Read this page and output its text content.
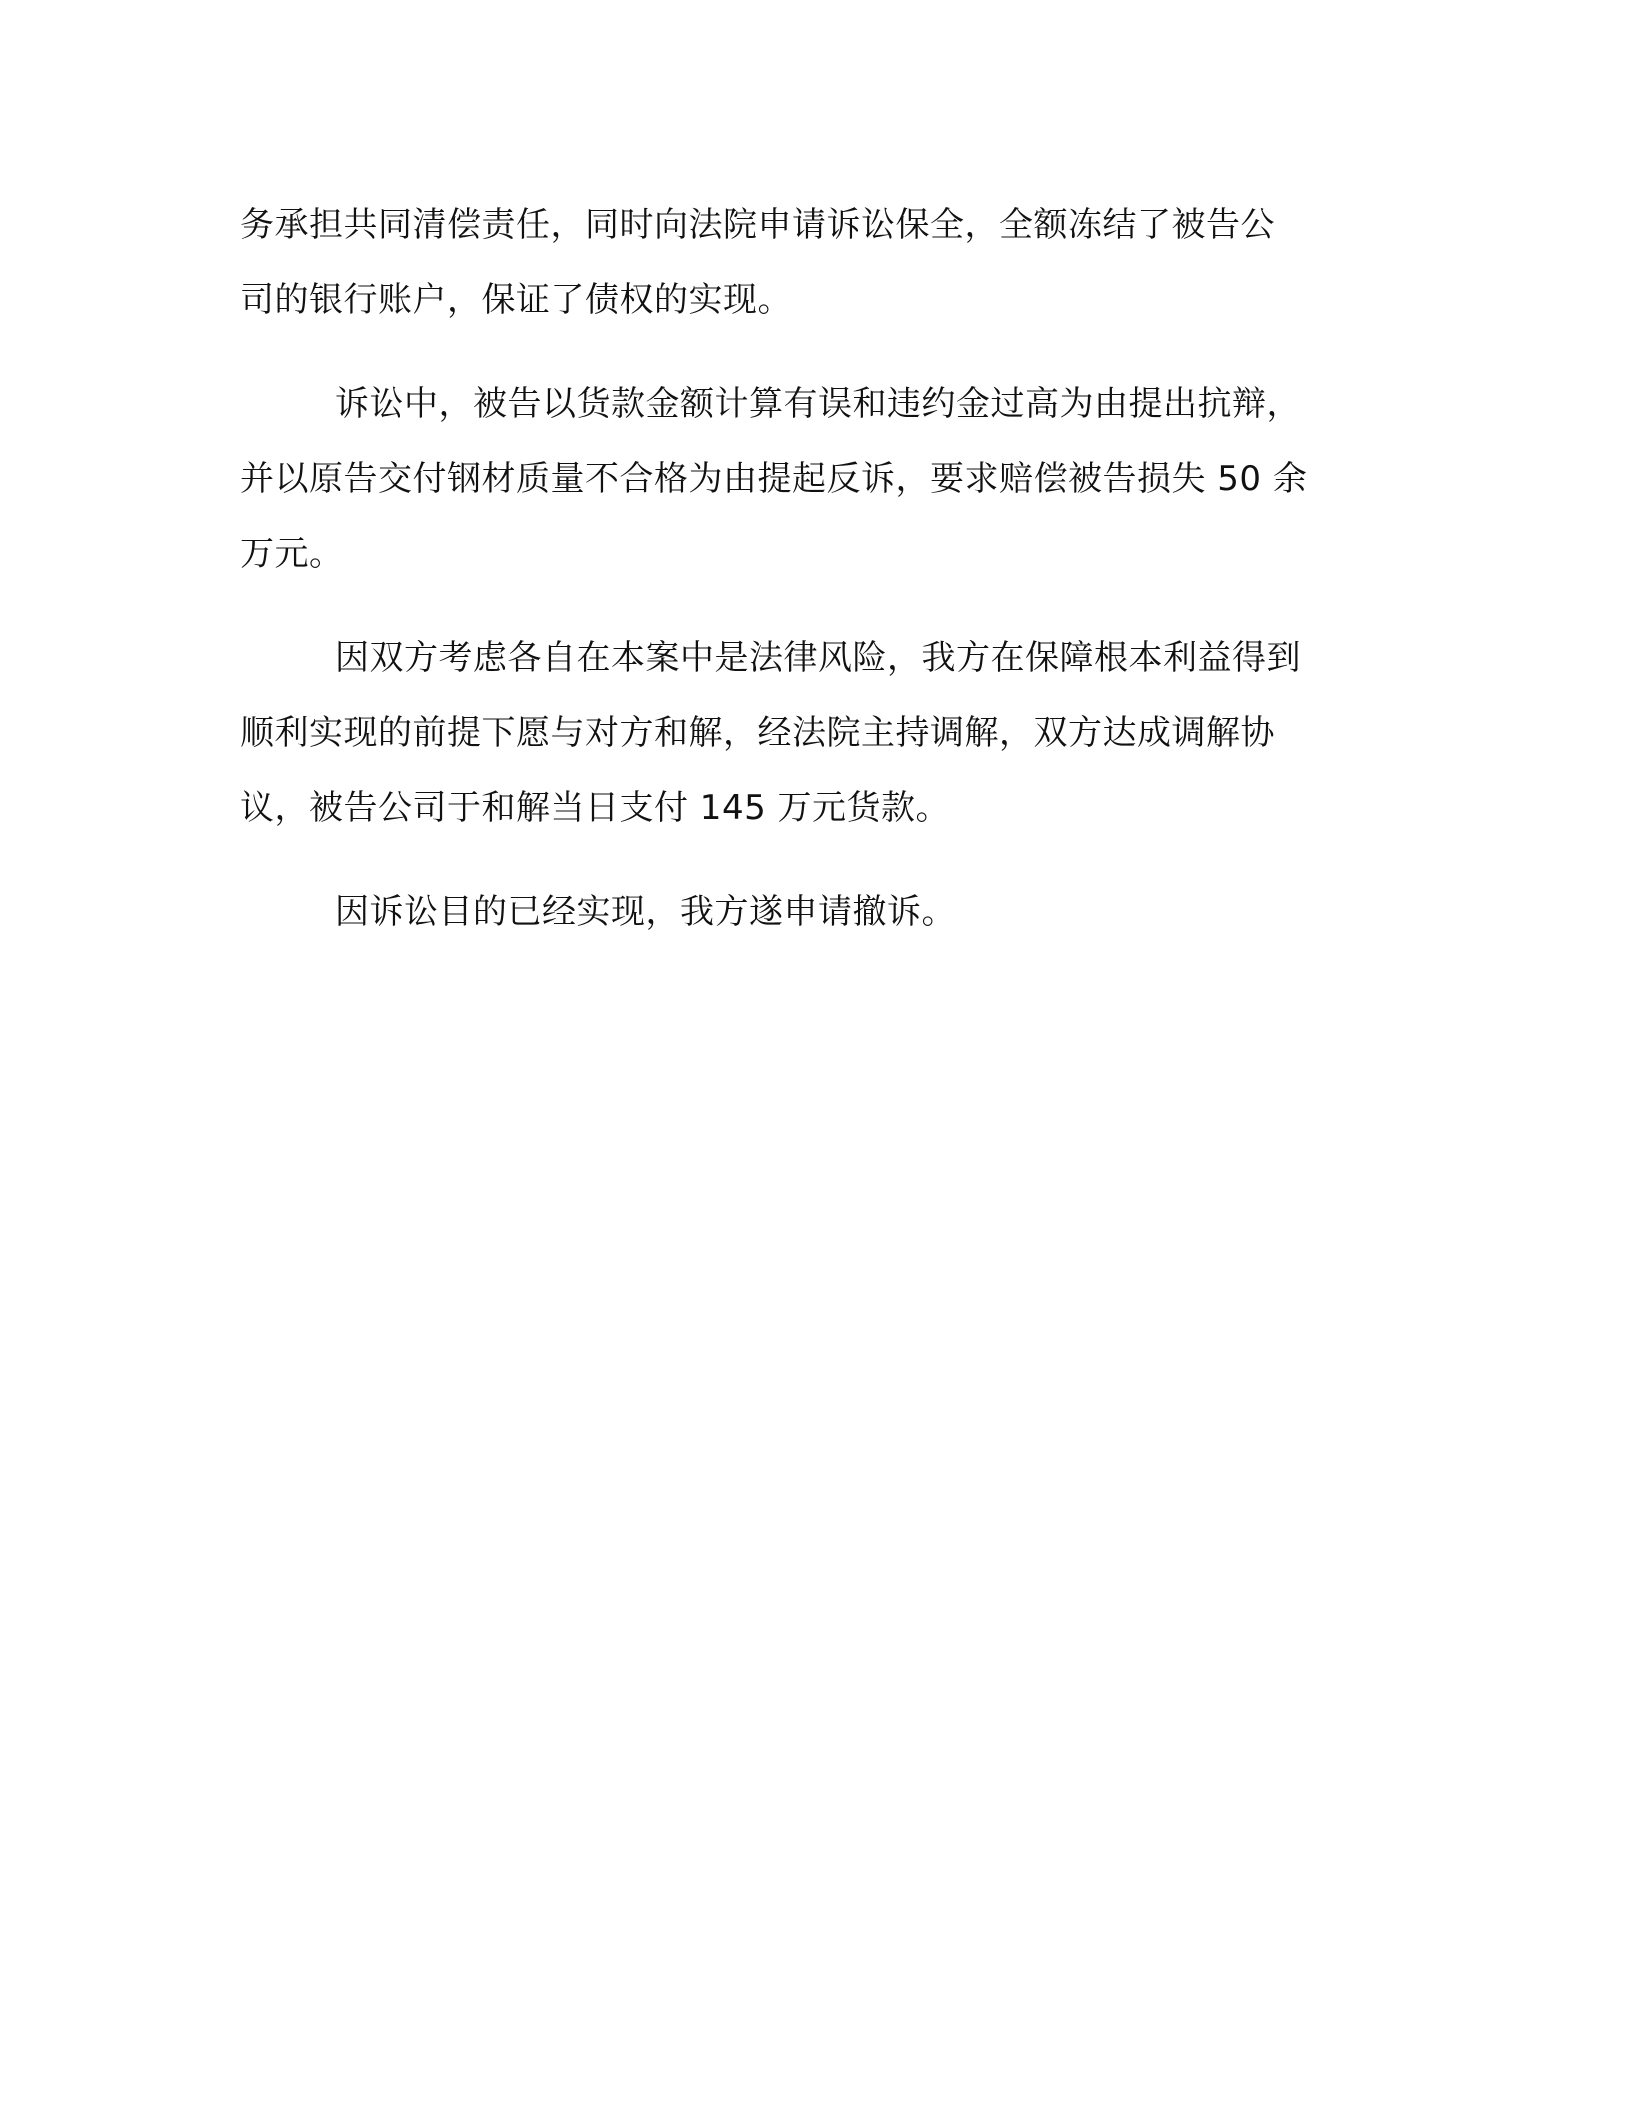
务承担共同清偿责任，同时向法院申请诉讼保全，全额冻结了被告公
司的银行账户，保证了债权的实现。

诉讼中，被告以货款金额计算有误和违约金过高为由提出抗辩，
并以原告交付钢材质量不合格为由提起反诉，要求赔偿被告损失 50 余
万元。

因双方考虑各自在本案中是法律风险，我方在保障根本利益得到
顺利实现的前提下愿与对方和解，经法院主持调解，双方达成调解协
议，被告公司于和解当日支付 145 万元货款。

因诉讼目的已经实现，我方遂申请撤诉。
